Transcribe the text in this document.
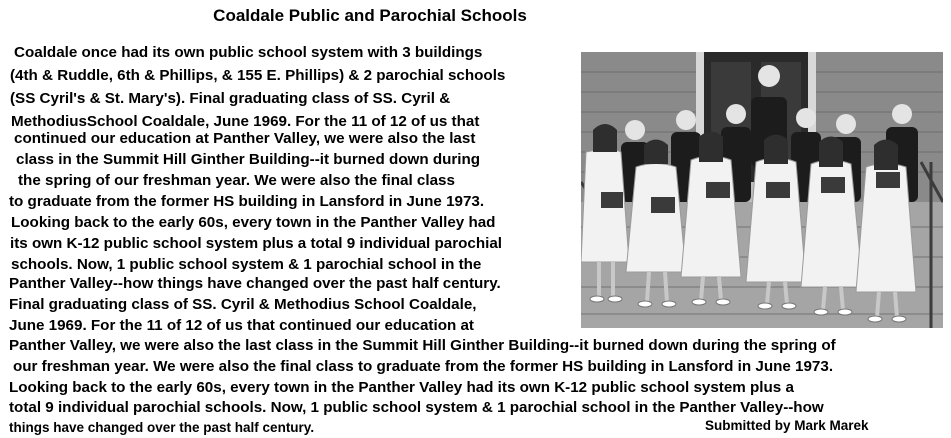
Coaldale Public and Parochial Schools
Coaldale once had its own public school system with 3 buildings
(4th & Ruddle, 6th & Phillips, & 155 E. Phillips) & 2 parochial schools
(SS Cyril's & St. Mary's). Final graduating class of SS. Cyril &
MethodiusSchool Coaldale, June 1969. For the 11 of 12 of us that
continued our education at Panther Valley, we were also the last
class in the Summit Hill Ginther Building--it burned down during
the spring of our freshman year. We were also the final class
to graduate from the former HS building in Lansford in June 1973.
Looking back to the early 60s, every town in the Panther Valley had
its own K-12 public school system plus a total 9 individual parochial
schools. Now, 1 public school system & 1 parochial school in the
Panther Valley--how things have changed over the past half century.
Final graduating class of SS. Cyril & Methodius School Coaldale,
June 1969. For the 11 of 12 of us that continued our education at
Panther Valley, we were also the last class in the Summit Hill Ginther Building--it burned down during the spring of
our freshman year. We were also the final class to graduate from the former HS building in Lansford in June 1973.
Looking back to the early 60s, every town in the Panther Valley had its own K-12 public school system plus a
total 9 individual parochial schools. Now, 1 public school system & 1 parochial school in the Panther Valley--how
things have changed over the past half century.	Submitted by Mark Marek
